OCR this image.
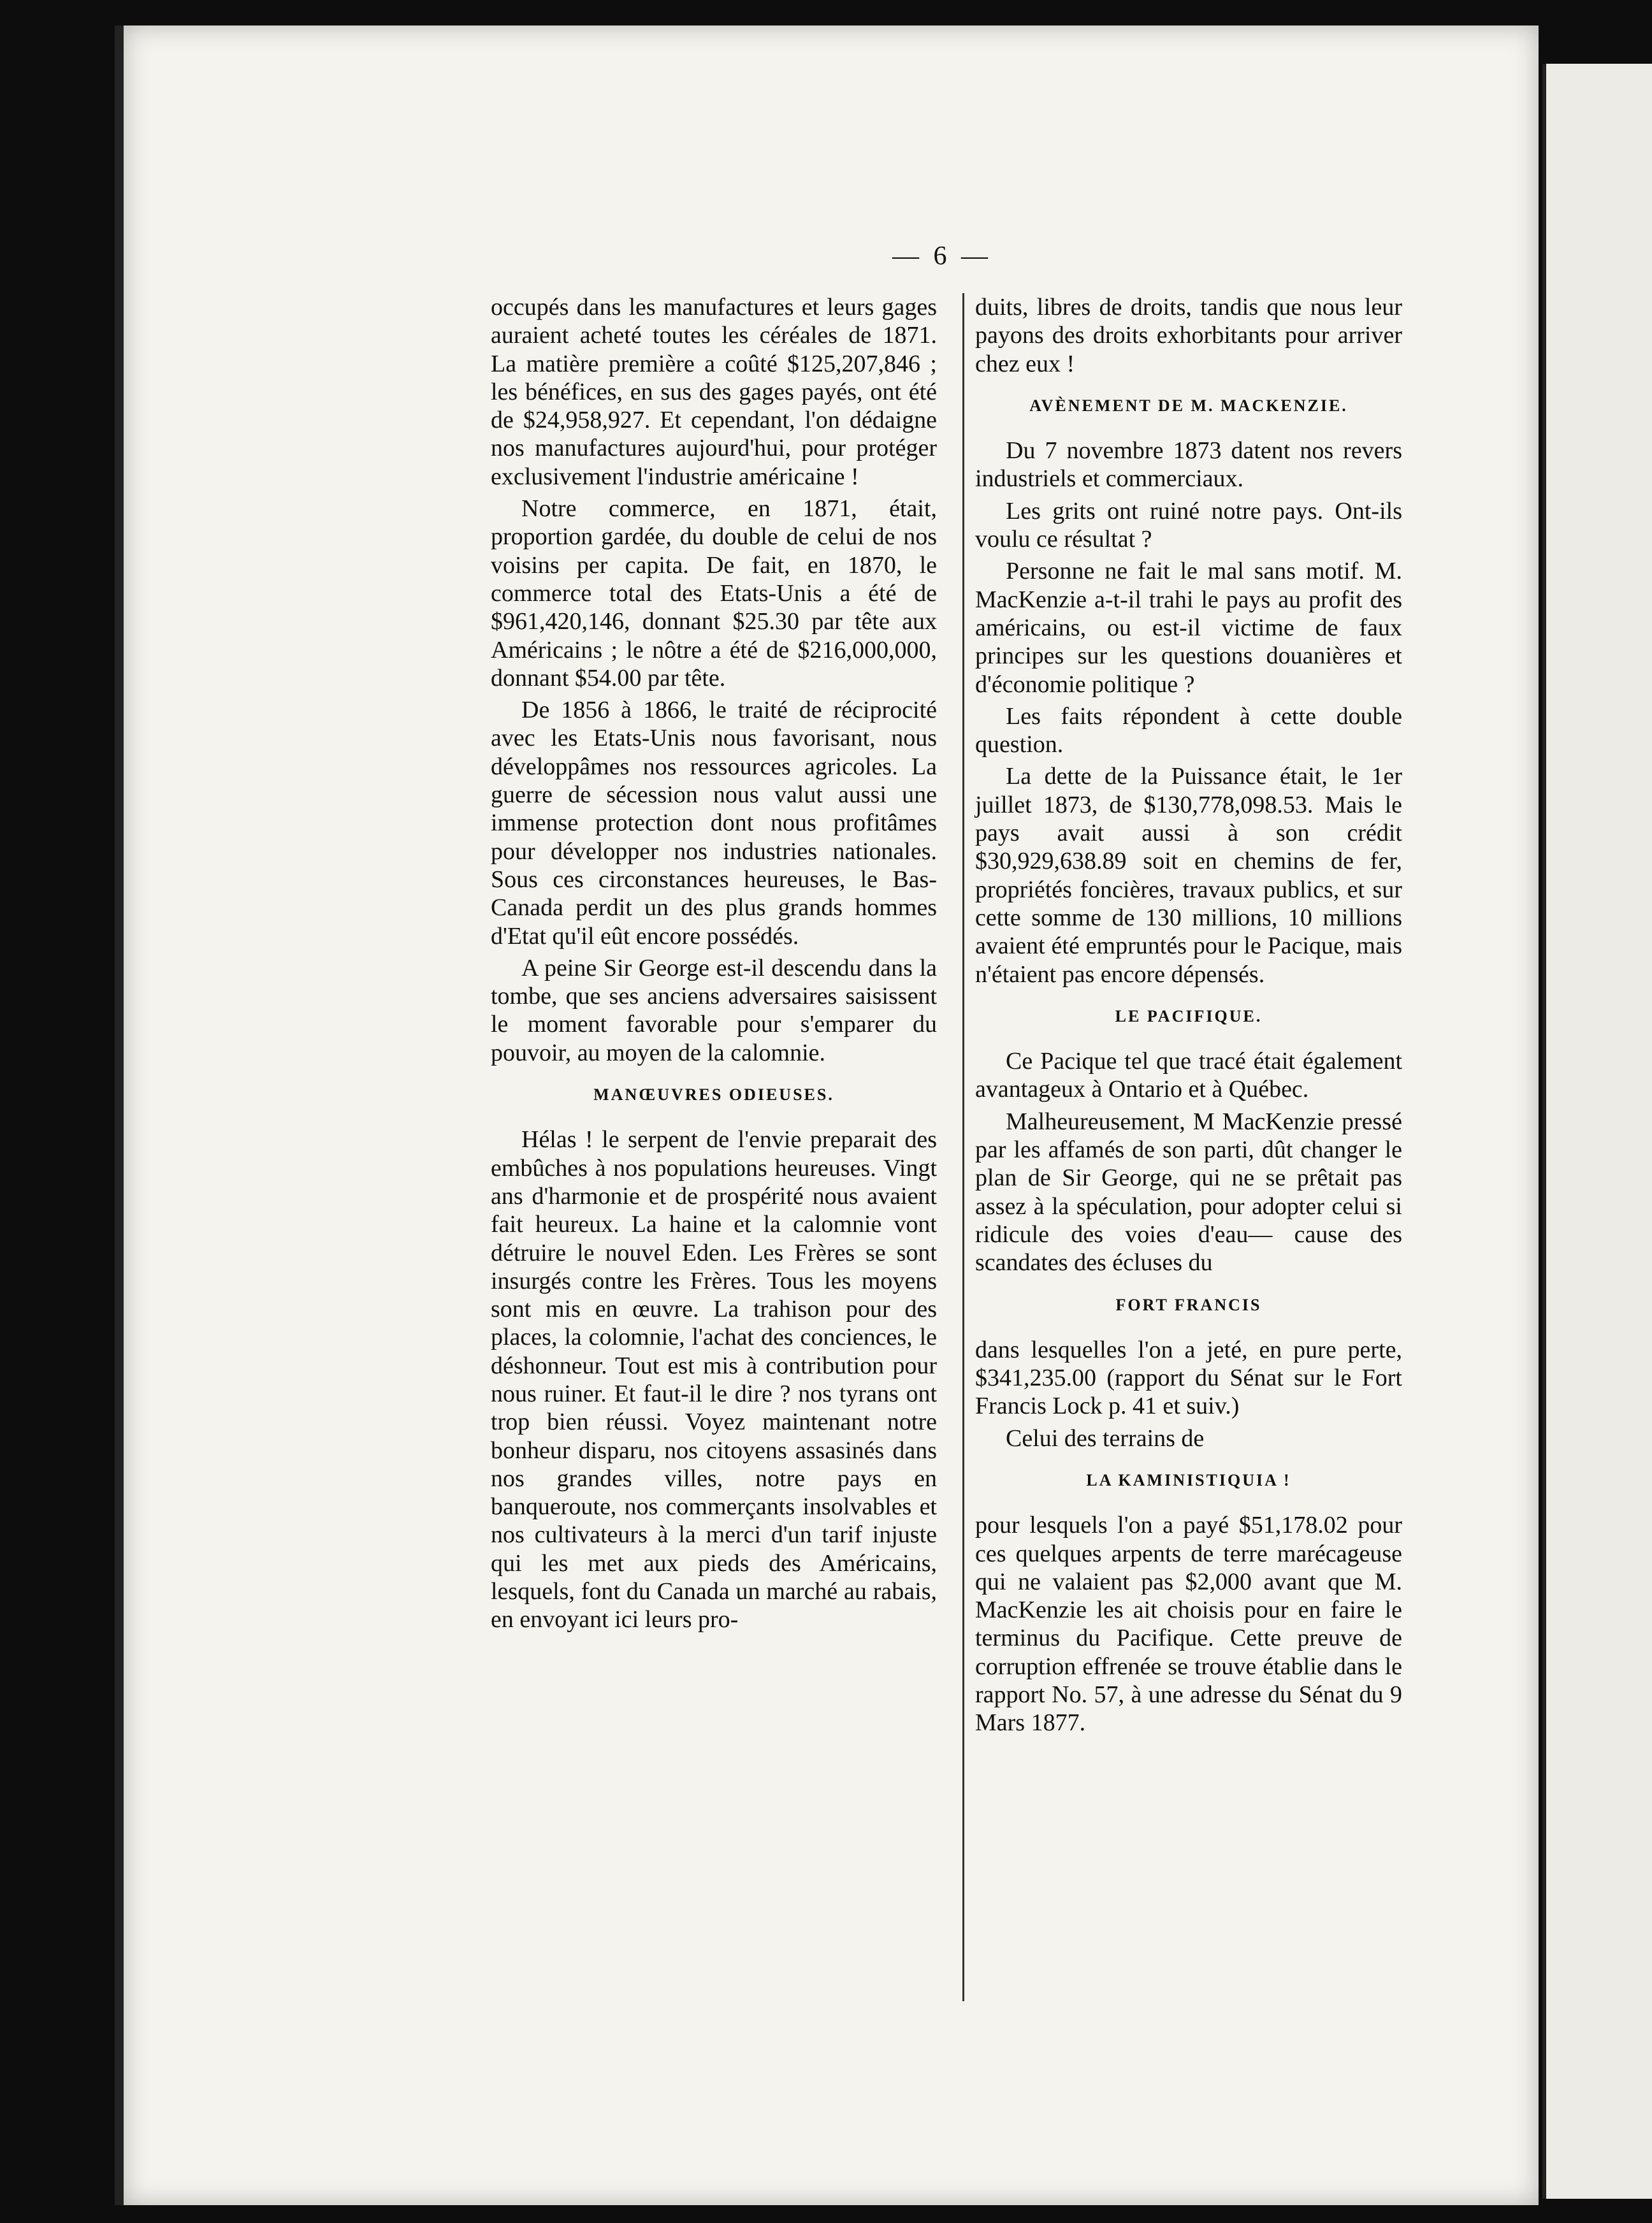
— 6 —

occupés dans les manufactures et leurs gages auraient acheté toutes les céréales de 1871. La matière première a coûté $125,207,846 ; les bénéfices, en sus des gages payés, ont été de $24,958,927. Et cependant, l'on dédaigne nos manufactures aujourd'hui, pour protéger exclusivement l'industrie américaine !

Notre commerce, en 1871, était, proportion gardée, du double de celui de nos voisins per capita. De fait, en 1870, le commerce total des Etats-Unis a été de $961,420,146, donnant $25.30 par tête aux Américains ; le nôtre a été de $216,000,000, donnant $54.00 par tête.

De 1856 à 1866, le traité de réciprocité avec les Etats-Unis nous favorisant, nous développâmes nos ressources agricoles. La guerre de sécession nous valut aussi une immense protection dont nous profitâmes pour développer nos industries nationales. Sous ces circonstances heureuses, le Bas-Canada perdit un des plus grands hommes d'Etat qu'il eût encore possédés.

A peine Sir George est-il descendu dans la tombe, que ses anciens adversaires saisissent le moment favorable pour s'emparer du pouvoir, au moyen de la calomnie.

MANŒUVRES ODIEUSES.

Hélas ! le serpent de l'envie preparait des embûches à nos populations heureuses. Vingt ans d'harmonie et de prospérité nous avaient fait heureux. La haine et la calomnie vont détruire le nouvel Eden. Les Frères se sont insurgés contre les Frères. Tous les moyens sont mis en œuvre. La trahison pour des places, la colomnie, l'achat des conciences, le déshonneur. Tout est mis à contribution pour nous ruiner. Et faut-il le dire ? nos tyrans ont trop bien réussi. Voyez maintenant notre bonheur disparu, nos citoyens assasinés dans nos grandes villes, notre pays en banqueroute, nos commerçants insolvables et nos cultivateurs à la merci d'un tarif injuste qui les met aux pieds des Américains, lesquels, font du Canada un marché au rabais, en envoyant ici leurs pro-

duits, libres de droits, tandis que nous leur payons des droits exhorbitants pour arriver chez eux !

AVÈNEMENT DE M. MACKENZIE.

Du 7 novembre 1873 datent nos revers industriels et commerciaux.

Les grits ont ruiné notre pays. Ont-ils voulu ce résultat ?

Personne ne fait le mal sans motif. M. MacKenzie a-t-il trahi le pays au profit des américains, ou est-il victime de faux principes sur les questions douanières et d'économie politique ?

Les faits répondent à cette double question.

La dette de la Puissance était, le 1er juillet 1873, de $130,778,098.53. Mais le pays avait aussi à son crédit $30,929,638.89 soit en chemins de fer, propriétés foncières, travaux publics, et sur cette somme de 130 millions, 10 millions avaient été empruntés pour le Pacique, mais n'étaient pas encore dépensés.

LE PACIFIQUE.

Ce Pacique tel que tracé était également avantageux à Ontario et à Québec.

Malheureusement, M MacKenzie pressé par les affamés de son parti, dût changer le plan de Sir George, qui ne se prêtait pas assez à la spéculation, pour adopter celui si ridicule des voies d'eau— cause des scandates des écluses du

FORT FRANCIS

dans lesquelles l'on a jeté, en pure perte, $341,235.00 (rapport du Sénat sur le Fort Francis Lock p. 41 et suiv.)

Celui des terrains de

LA KAMINISTIQUIA !

pour lesquels l'on a payé $51,178.02 pour ces quelques arpents de terre marécageuse qui ne valaient pas $2,000 avant que M. MacKenzie les ait choisis pour en faire le terminus du Pacifique. Cette preuve de corruption effrenée se trouve établie dans le rapport No. 57, à une adresse du Sénat du 9 Mars 1877.
